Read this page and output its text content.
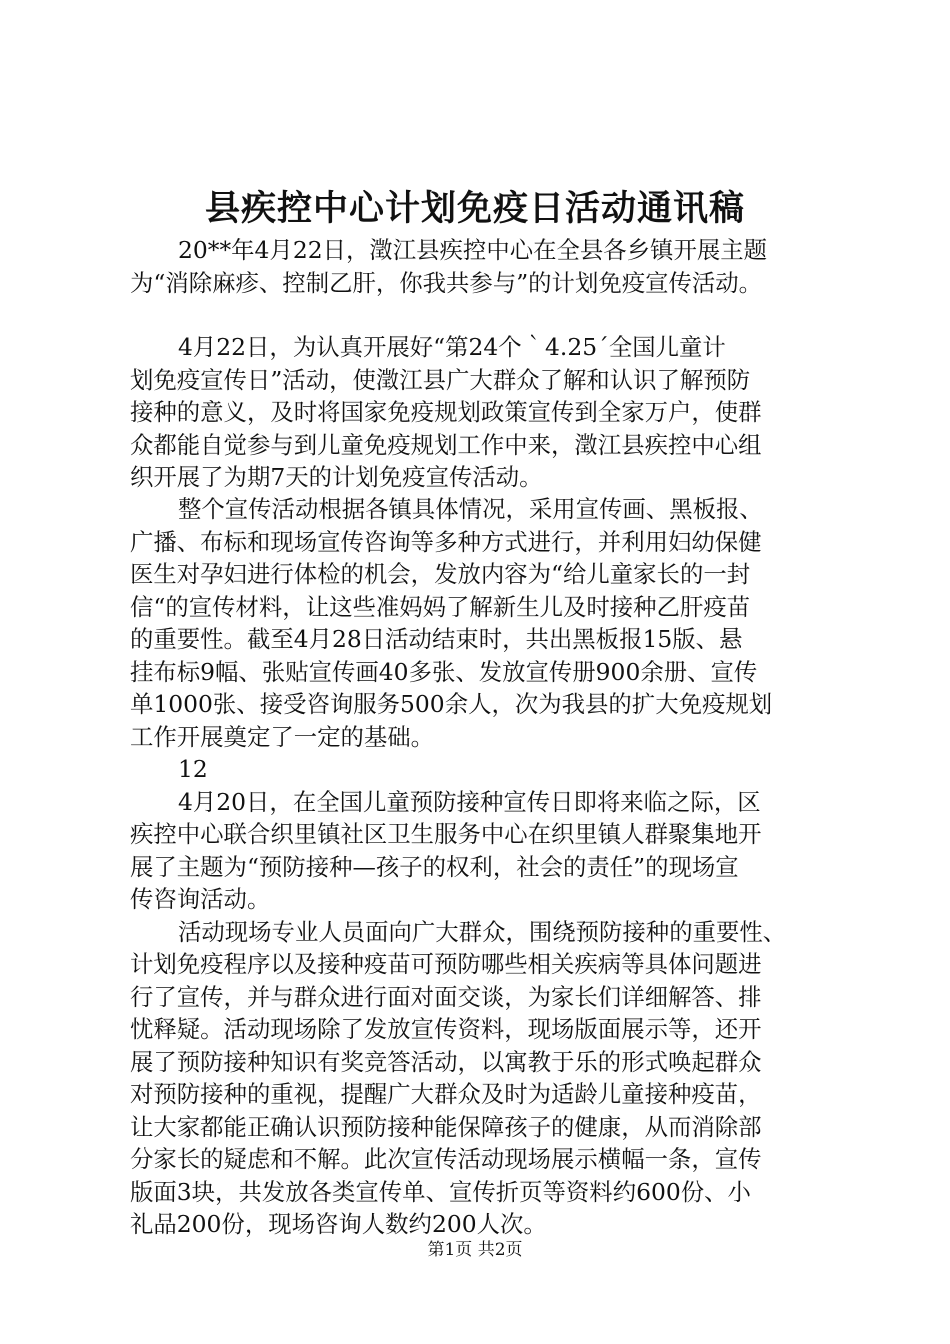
县疾控中心计划免疫日活动通讯稿
20**年4月22日，澂江县疾控中心在全县各乡镇开展主题
为“消除麻疹、控制乙肝，你我共参与”的计划免疫宣传活动。
4月22日，为认真开展好“第24个｀4.25´全国儿童计
划免疫宣传日”活动，使澂江县广大群众了解和认识了解预防
接种的意义，及时将国家免疫规划政策宣传到全家万户，使群
众都能自觉参与到儿童免疫规划工作中来，澂江县疾控中心组
织开展了为期7天的计划免疫宣传活动。
整个宣传活动根据各镇具体情况，采用宣传画、黑板报、
广播、布标和现场宣传咨询等多种方式进行，并利用妇幼保健
医生对孕妇进行体检的机会，发放内容为“给儿童家长的一封
信“的宣传材料，让这些准妈妈了解新生儿及时接种乙肝疫苗
的重要性。截至4月28日活动结束时，共出黑板报15版、悬
挂布标9幅、张贴宣传画40多张、发放宣传册900余册、宣传
单1000张、接受咨询服务500余人，次为我县的扩大免疫规划
工作开展奠定了一定的基础。
12
4月20日，在全国儿童预防接种宣传日即将来临之际，区
疾控中心联合织里镇社区卫生服务中心在织里镇人群聚集地开
展了主题为“预防接种—孩子的权利，社会的责任”的现场宣
传咨询活动。
活动现场专业人员面向广大群众，围绕预防接种的重要性、
计划免疫程序以及接种疫苗可预防哪些相关疾病等具体问题进
行了宣传，并与群众进行面对面交谈，为家长们详细解答、排
忧释疑。活动现场除了发放宣传资料，现场版面展示等，还开
展了预防接种知识有奖竞答活动，以寓教于乐的形式唤起群众
对预防接种的重视，提醒广大群众及时为适龄儿童接种疫苗，
让大家都能正确认识预防接种能保障孩子的健康，从而消除部
分家长的疑虑和不解。此次宣传活动现场展示横幅一条，宣传
版面3块，共发放各类宣传单、宣传折页等资料约600份、小
礼品200份，现场咨询人数约200人次。
第1页 共2页
